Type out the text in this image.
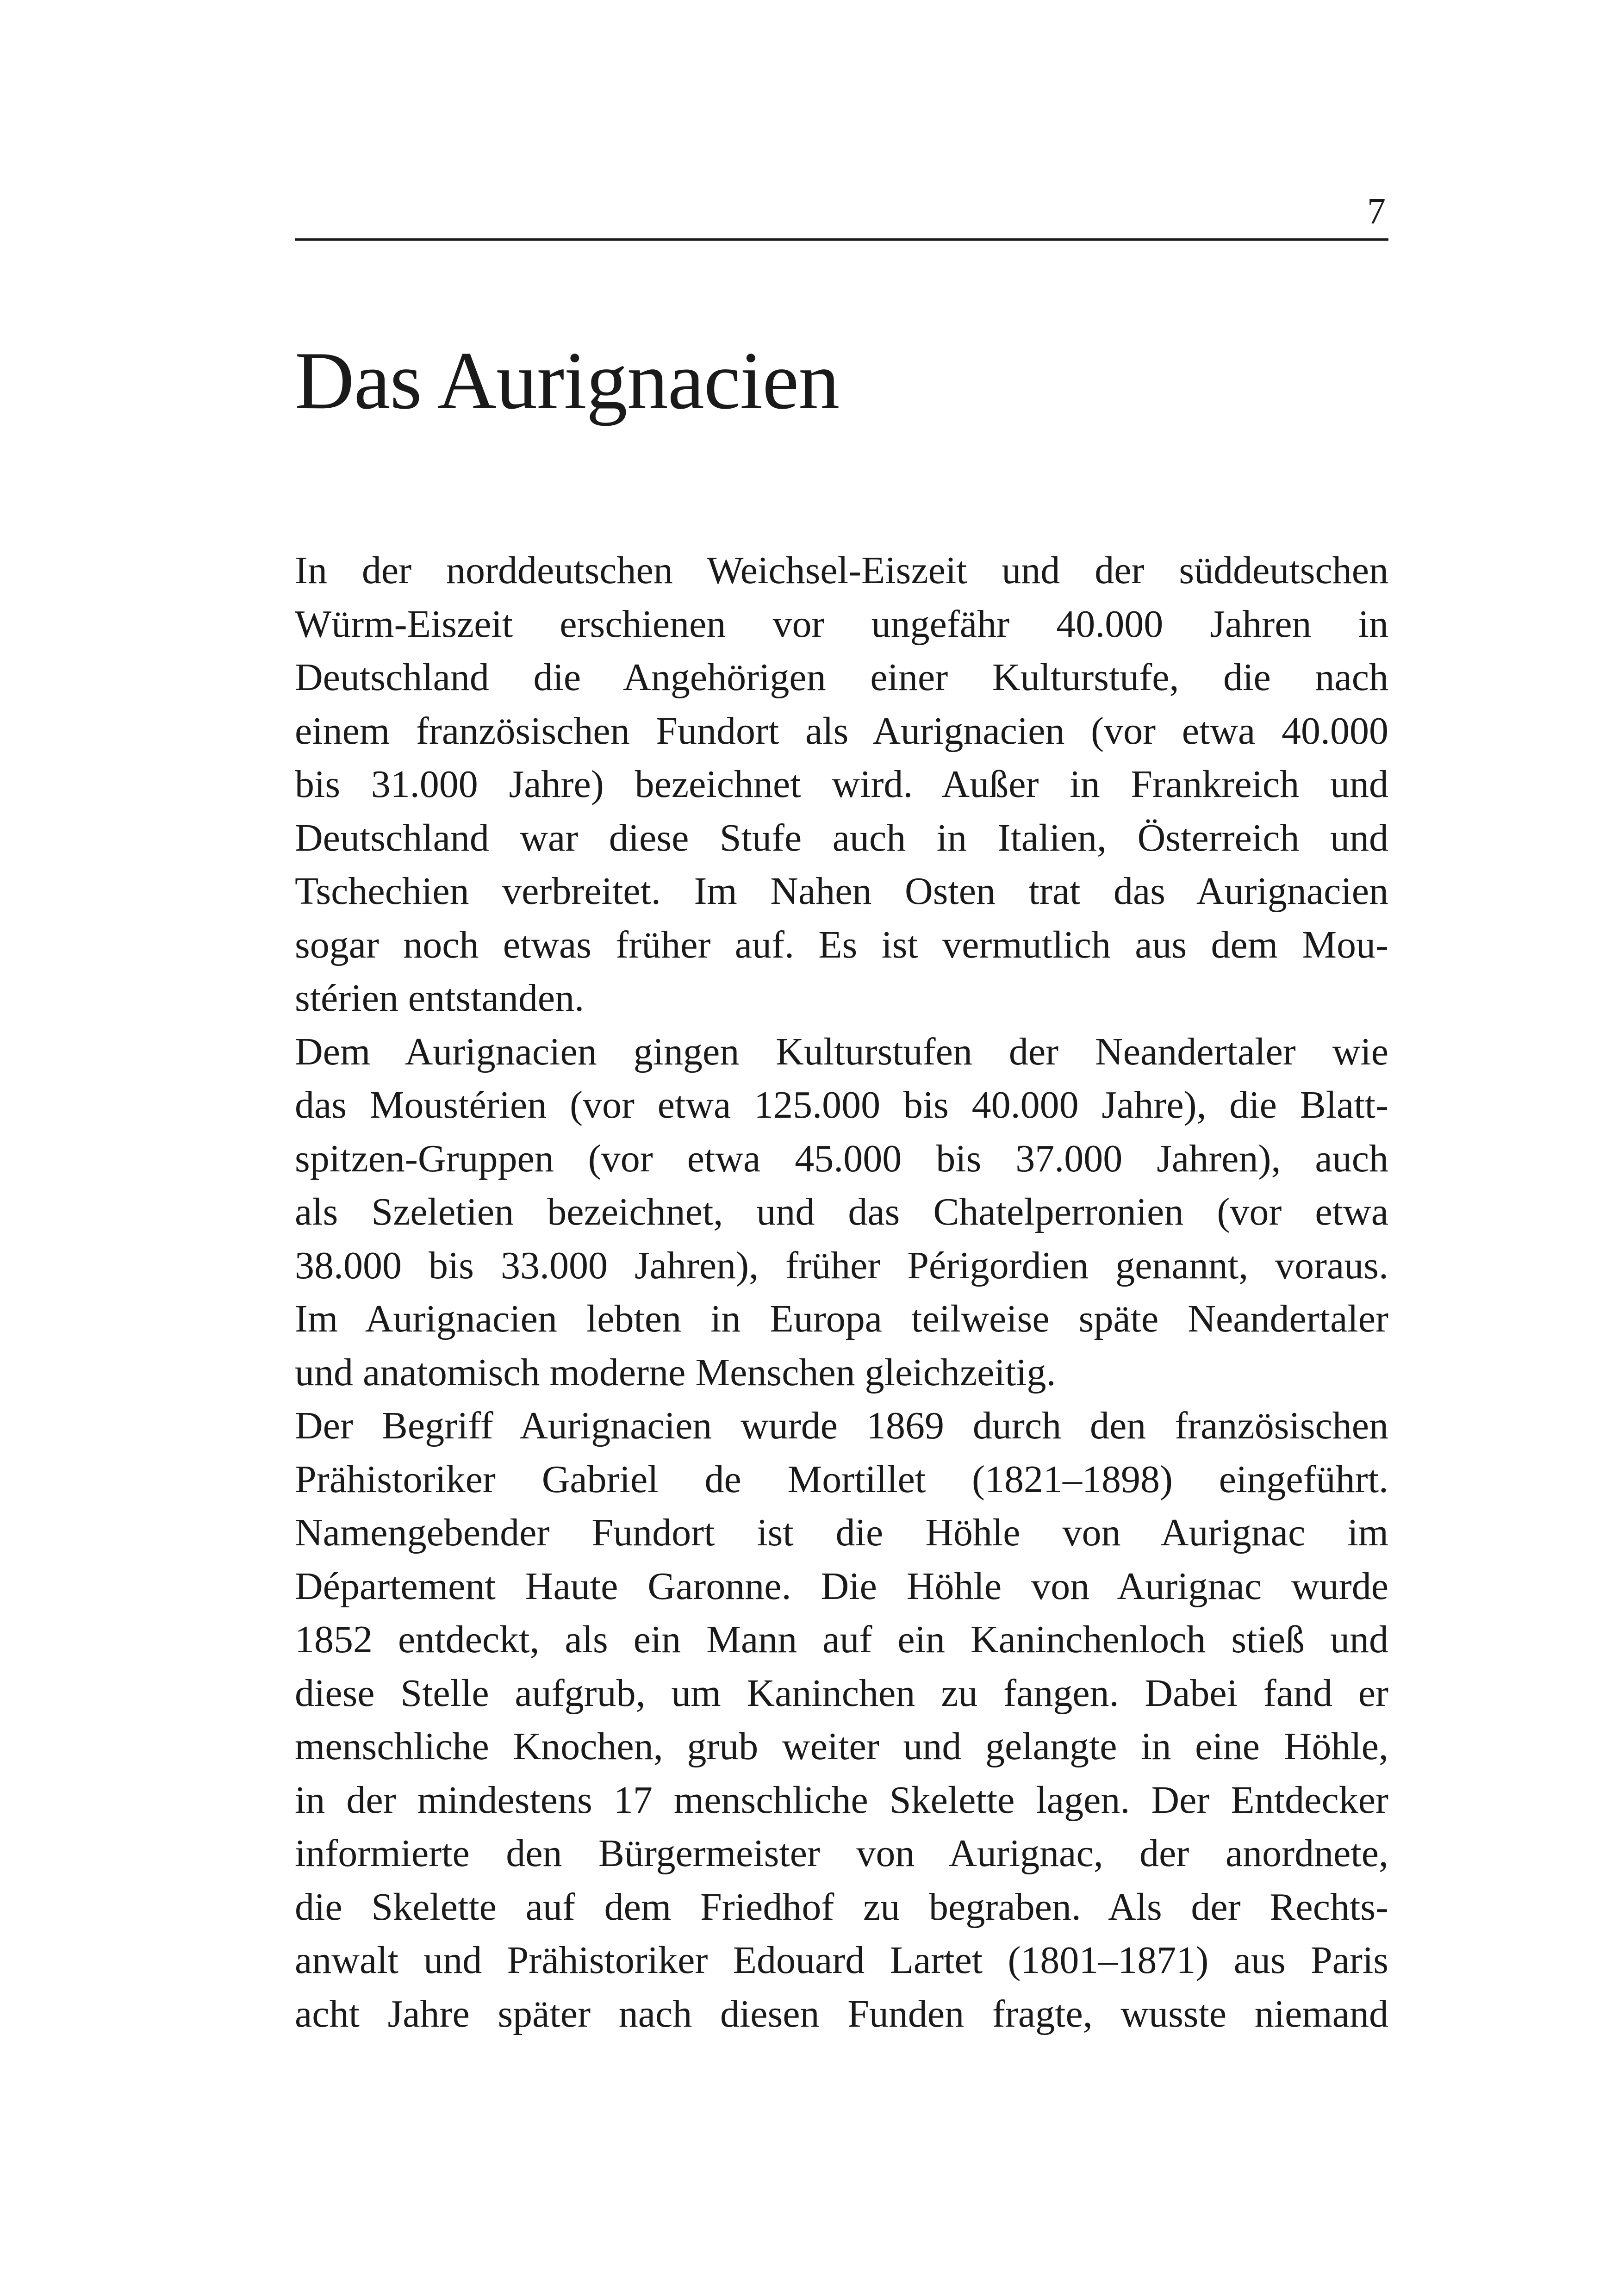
7
Das Aurignacien
In der norddeutschen Weichsel-Eiszeit und der süddeutschen
Würm-Eiszeit erschienen vor ungefähr 40.000 Jahren in
Deutschland die Angehörigen einer Kulturstufe, die nach
einem französischen Fundort als Aurignacien (vor etwa 40.000
bis 31.000 Jahre) bezeichnet wird. Außer in Frankreich und
Deutschland war diese Stufe auch in Italien, Österreich und
Tschechien verbreitet. Im Nahen Osten trat das Aurignacien
sogar noch etwas früher auf. Es ist vermutlich aus dem Mou-
stérien entstanden.
Dem Aurignacien gingen Kulturstufen der Neandertaler wie
das Moustérien (vor etwa 125.000 bis 40.000 Jahre), die Blatt-
spitzen-Gruppen (vor etwa 45.000 bis 37.000 Jahren), auch
als Szeletien bezeichnet, und das Chatelperronien (vor etwa
38.000 bis 33.000 Jahren), früher Périgordien genannt, voraus.
Im Aurignacien lebten in Europa teilweise späte Neandertaler
und anatomisch moderne Menschen gleichzeitig.
Der Begriff Aurignacien wurde 1869 durch den französischen
Prähistoriker Gabriel de Mortillet (1821–1898) eingeführt.
Namengebender Fundort ist die Höhle von Aurignac im
Département Haute Garonne. Die Höhle von Aurignac wurde
1852 entdeckt, als ein Mann auf ein Kaninchenloch stieß und
diese Stelle aufgrub, um Kaninchen zu fangen. Dabei fand er
menschliche Knochen, grub weiter und gelangte in eine Höhle,
in der mindestens 17 menschliche Skelette lagen. Der Entdecker
informierte den Bürgermeister von Aurignac, der anordnete,
die Skelette auf dem Friedhof zu begraben. Als der Rechts-
anwalt und Prähistoriker Edouard Lartet (1801–1871) aus Paris
acht Jahre später nach diesen Funden fragte, wusste niemand
